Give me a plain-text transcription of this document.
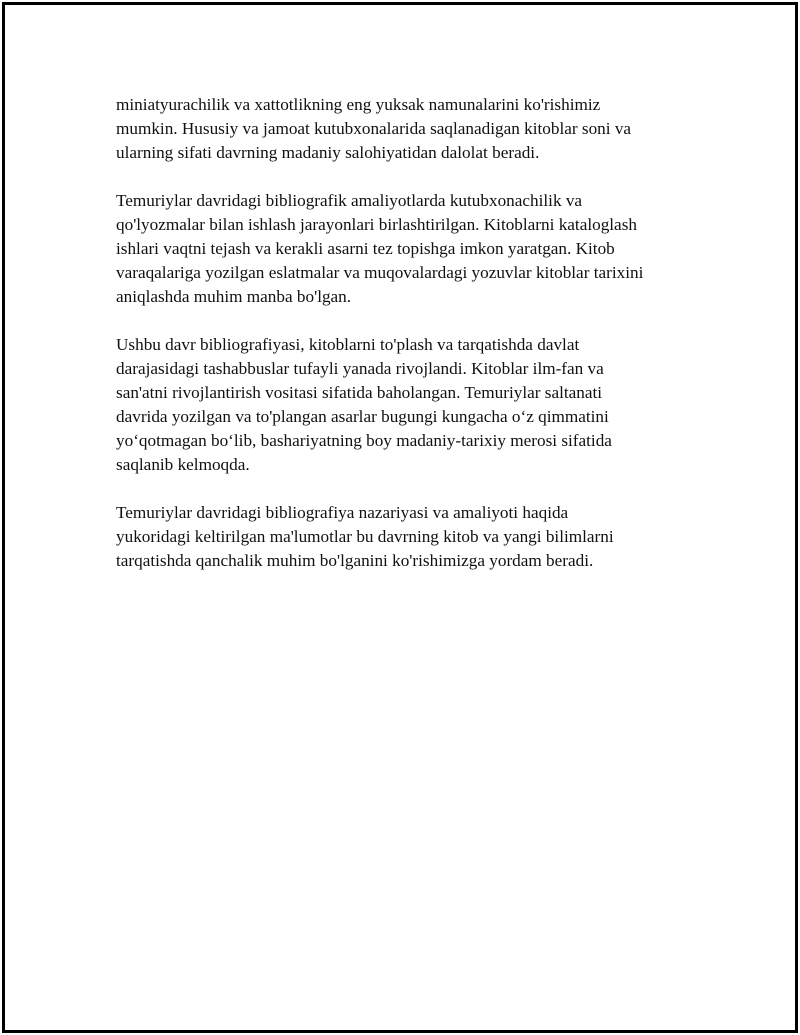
miniatyurachilik va xattotlikning eng yuksak namunalarini ko'rishimiz
mumkin. Hususiy va jamoat kutubxonalarida saqlanadigan kitoblar soni va
ularning sifati davrning madaniy salohiyatidan dalolat beradi.

Temuriylar davridagi bibliografik amaliyotlarda kutubxonachilik va
qo'lyozmalar bilan ishlash jarayonlari birlashtirilgan. Kitoblarni kataloglash
ishlari vaqtni tejash va kerakli asarni tez topishga imkon yaratgan. Kitob
varaqalariga yozilgan eslatmalar va muqovalardagi yozuvlar kitoblar tarixini
aniqlashda muhim manba bo'lgan.

Ushbu davr bibliografiyasi, kitoblarni to'plash va tarqatishda davlat
darajasidagi tashabbuslar tufayli yanada rivojlandi. Kitoblar ilm-fan va
san'atni rivojlantirish vositasi sifatida baholangan. Temuriylar saltanati
davrida yozilgan va to'plangan asarlar bugungi kungacha o‘z qimmatini
yo‘qotmagan bo‘lib, bashariyatning boy madaniy-tarixiy merosi sifatida
saqlanib kelmoqda.

Temuriylar davridagi bibliografiya nazariyasi va amaliyoti haqida
yukoridagi keltirilgan ma'lumotlar bu davrning kitob va yangi bilimlarni
tarqatishda qanchalik muhim bo'lganini ko'rishimizga yordam beradi.
